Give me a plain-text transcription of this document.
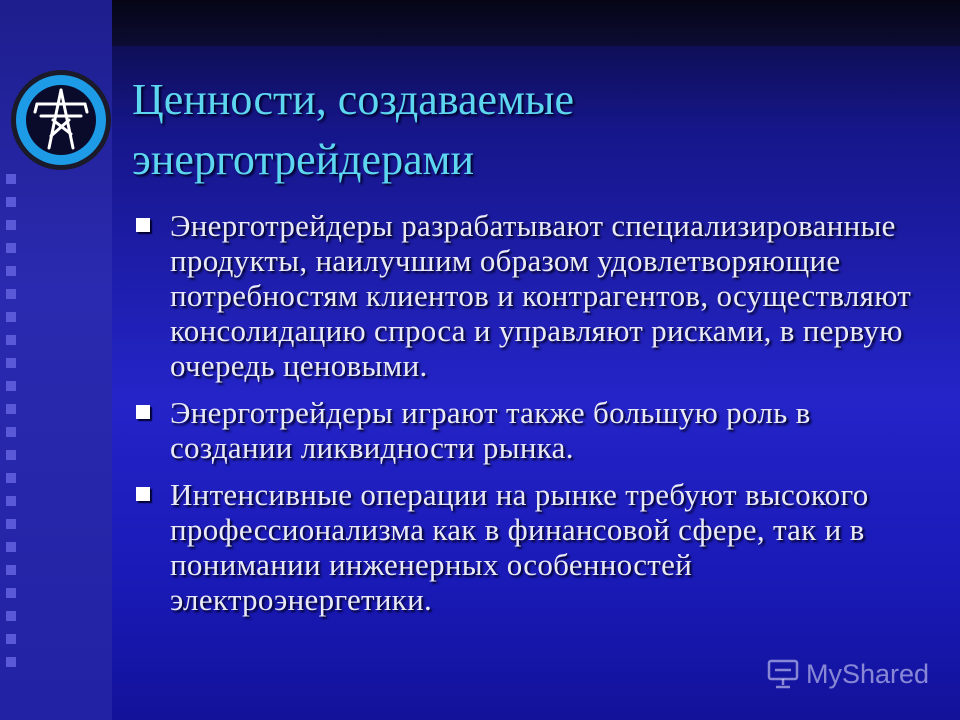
Ценности, создаваемые
энерготрейдерами
Энерготрейдеры разрабатывают специализированные продукты, наилучшим образом удовлетворяющие потребностям клиентов и контрагентов, осуществляют консолидацию спроса и управляют рисками, в первую очередь ценовыми.
Энерготрейдеры играют также большую роль в создании ликвидности рынка.
Интенсивные операции на рынке требуют высокого профессионализма как в финансовой сфере, так и в понимании инженерных особенностей электроэнергетики.
MyShared
